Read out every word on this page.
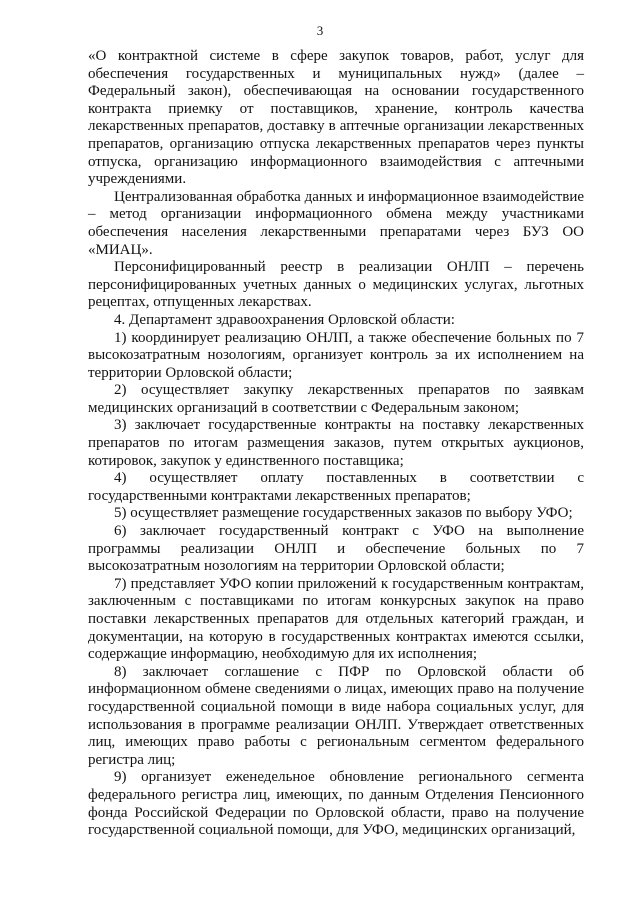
3

«О контрактной системе в сфере закупок товаров, работ, услуг для обеспечения государственных и муниципальных нужд» (далее – Федеральный закон), обеспечивающая на основании государственного контракта приемку от поставщиков, хранение, контроль качества лекарственных препаратов, доставку в аптечные организации лекарственных препаратов, организацию отпуска лекарственных препаратов через пункты отпуска, организацию информационного взаимодействия с аптечными учреждениями.

Централизованная обработка данных и информационное взаимодействие – метод организации информационного обмена между участниками обеспечения населения лекарственными препаратами через БУЗ ОО «МИАЦ».

Персонифицированный реестр в реализации ОНЛП – перечень персонифицированных учетных данных о медицинских услугах, льготных рецептах, отпущенных лекарствах.

4. Департамент здравоохранения Орловской области:

1) координирует реализацию ОНЛП, а также обеспечение больных по 7 высокозатратным нозологиям, организует контроль за их исполнением на территории Орловской области;

2) осуществляет закупку лекарственных препаратов по заявкам медицинских организаций в соответствии с Федеральным законом;

3) заключает государственные контракты на поставку лекарственных препаратов по итогам размещения заказов, путем открытых аукционов, котировок, закупок у единственного поставщика;

4) осуществляет оплату поставленных в соответствии с государственными контрактами лекарственных препаратов;

5) осуществляет размещение государственных заказов по выбору УФО;

6) заключает государственный контракт с УФО на выполнение программы реализации ОНЛП и обеспечение больных по 7 высокозатратным нозологиям на территории Орловской области;

7) представляет УФО копии приложений к государственным контрактам, заключенным с поставщиками по итогам конкурсных закупок на право поставки лекарственных препаратов для отдельных категорий граждан, и документации, на которую в государственных контрактах имеются ссылки, содержащие информацию, необходимую для их исполнения;

8) заключает соглашение с ПФР по Орловской области об информационном обмене сведениями о лицах, имеющих право на получение государственной социальной помощи в виде набора социальных услуг, для использования в программе реализации ОНЛП. Утверждает ответственных лиц, имеющих право работы с региональным сегментом федерального регистра лиц;

9) организует еженедельное обновление регионального сегмента федерального регистра лиц, имеющих, по данным Отделения Пенсионного фонда Российской Федерации по Орловской области, право на получение государственной социальной помощи, для УФО, медицинских организаций,
